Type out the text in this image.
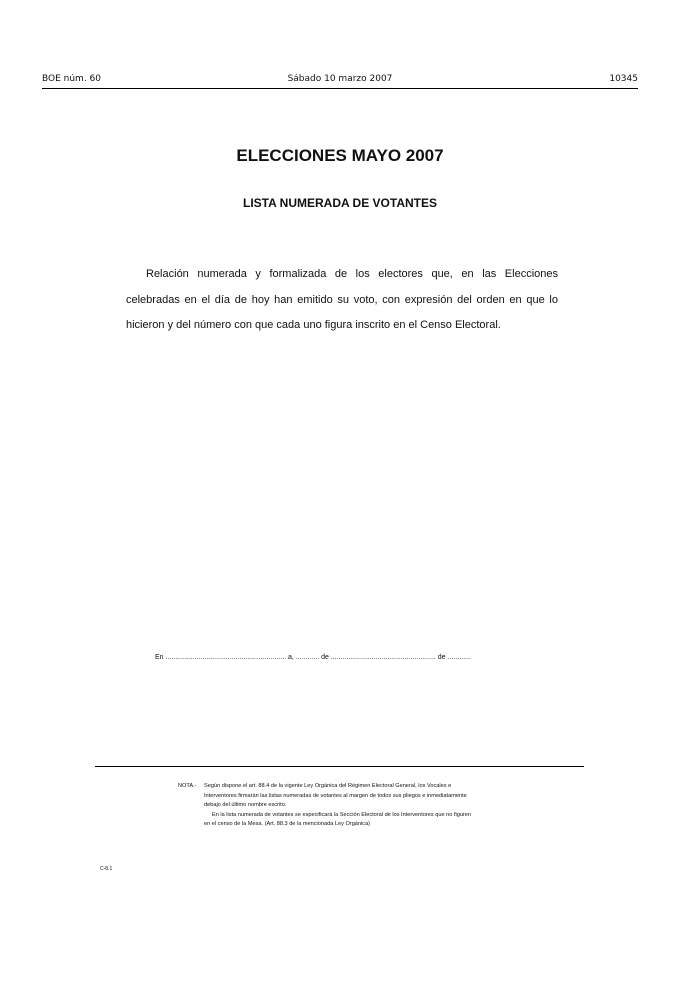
BOE núm. 60	Sábado 10 marzo 2007	10345
ELECCIONES MAYO 2007
LISTA NUMERADA DE VOTANTES

Relación numerada y formalizada de los electores que, en las Elecciones celebradas en el día de hoy han emitido su voto, con expresión del orden en que lo hicieron y del número con que cada uno figura inscrito en el Censo Electoral.

En .............................................................. a, ............ de ...................................................... de ............
NOTA.- Según dispone el art. 88.4 de la vigente Ley Orgánica del Régimen Electoral General, los Vocales e Interventores firmarán las listas numeradas de votantes al margen de todos sus pliegos e inmediatamente debajo del último nombre escrito.

En la lista numerada de votantes se especificará la Sección Electoral de los Interventores que no figuren en el censo de la Mesa. (Art. 88.3 de la mencionada Ley Orgánica)

C-8.1
